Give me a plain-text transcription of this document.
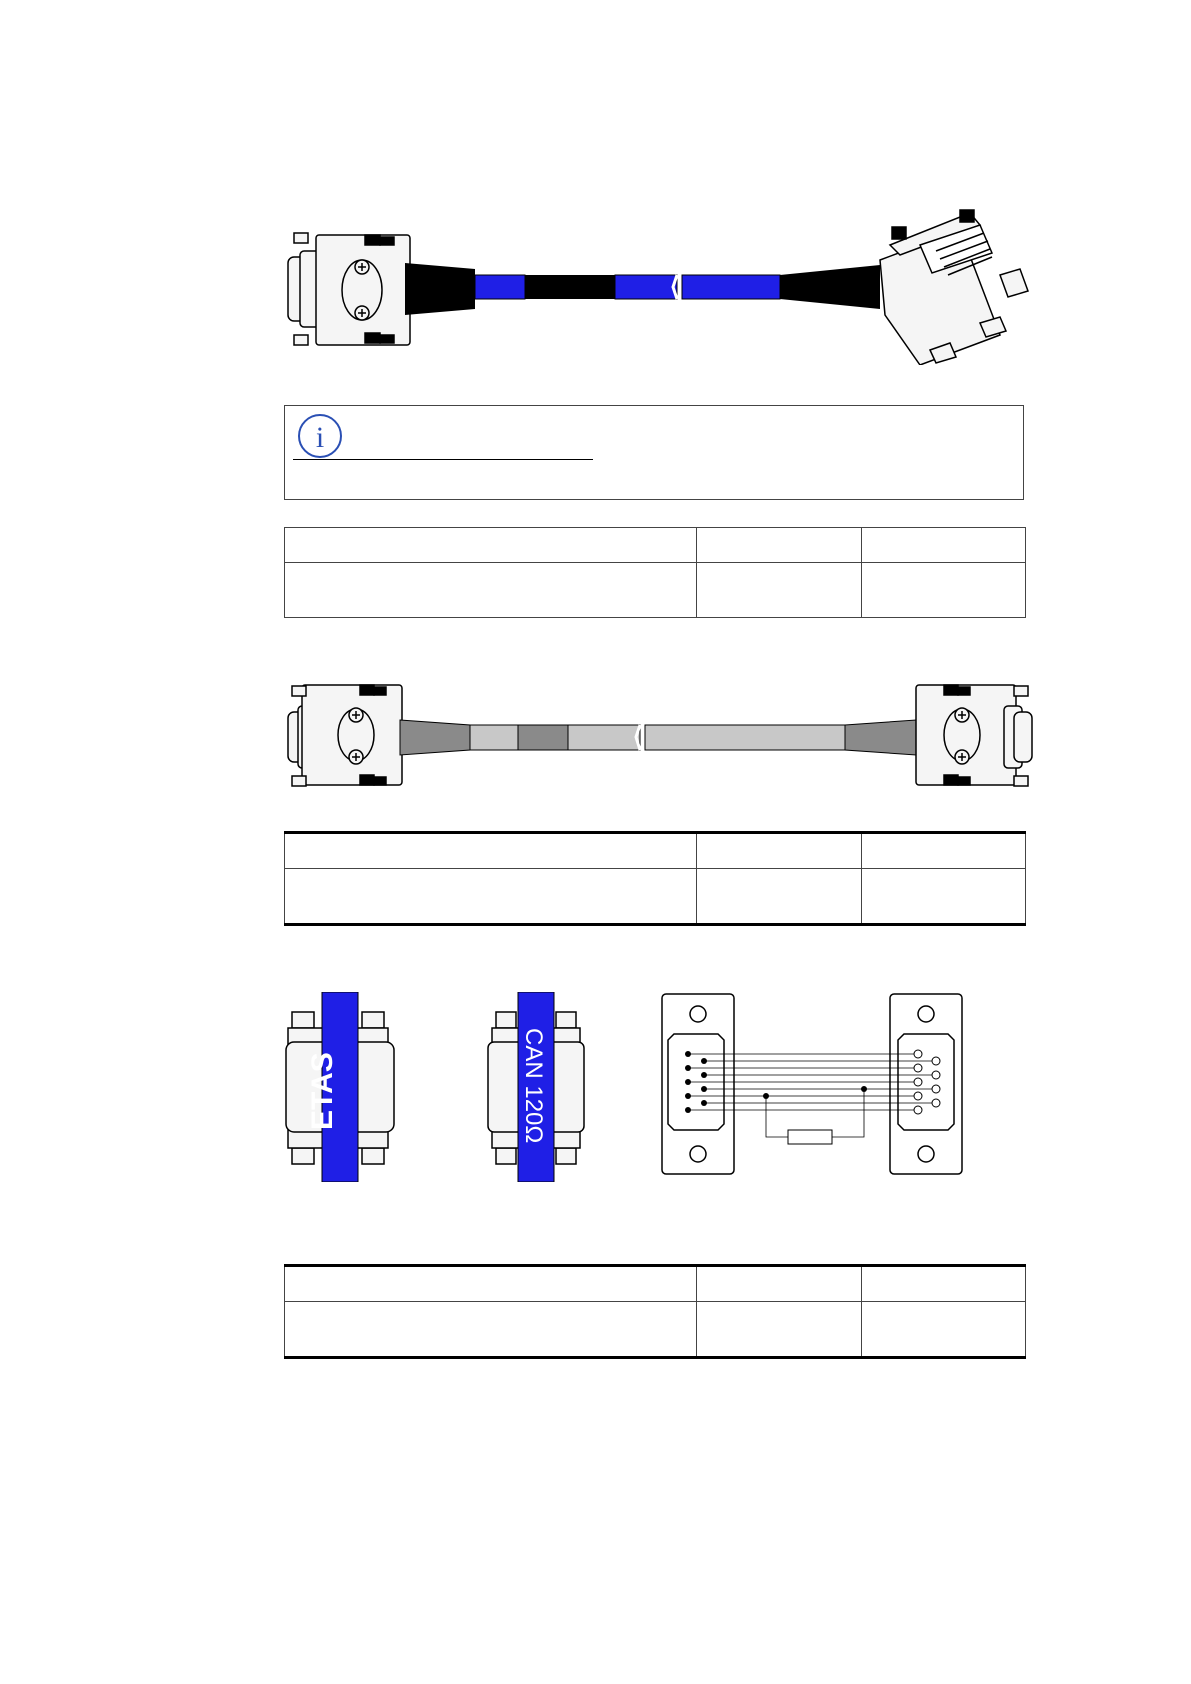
i

ETAS	CAN 120Ω
